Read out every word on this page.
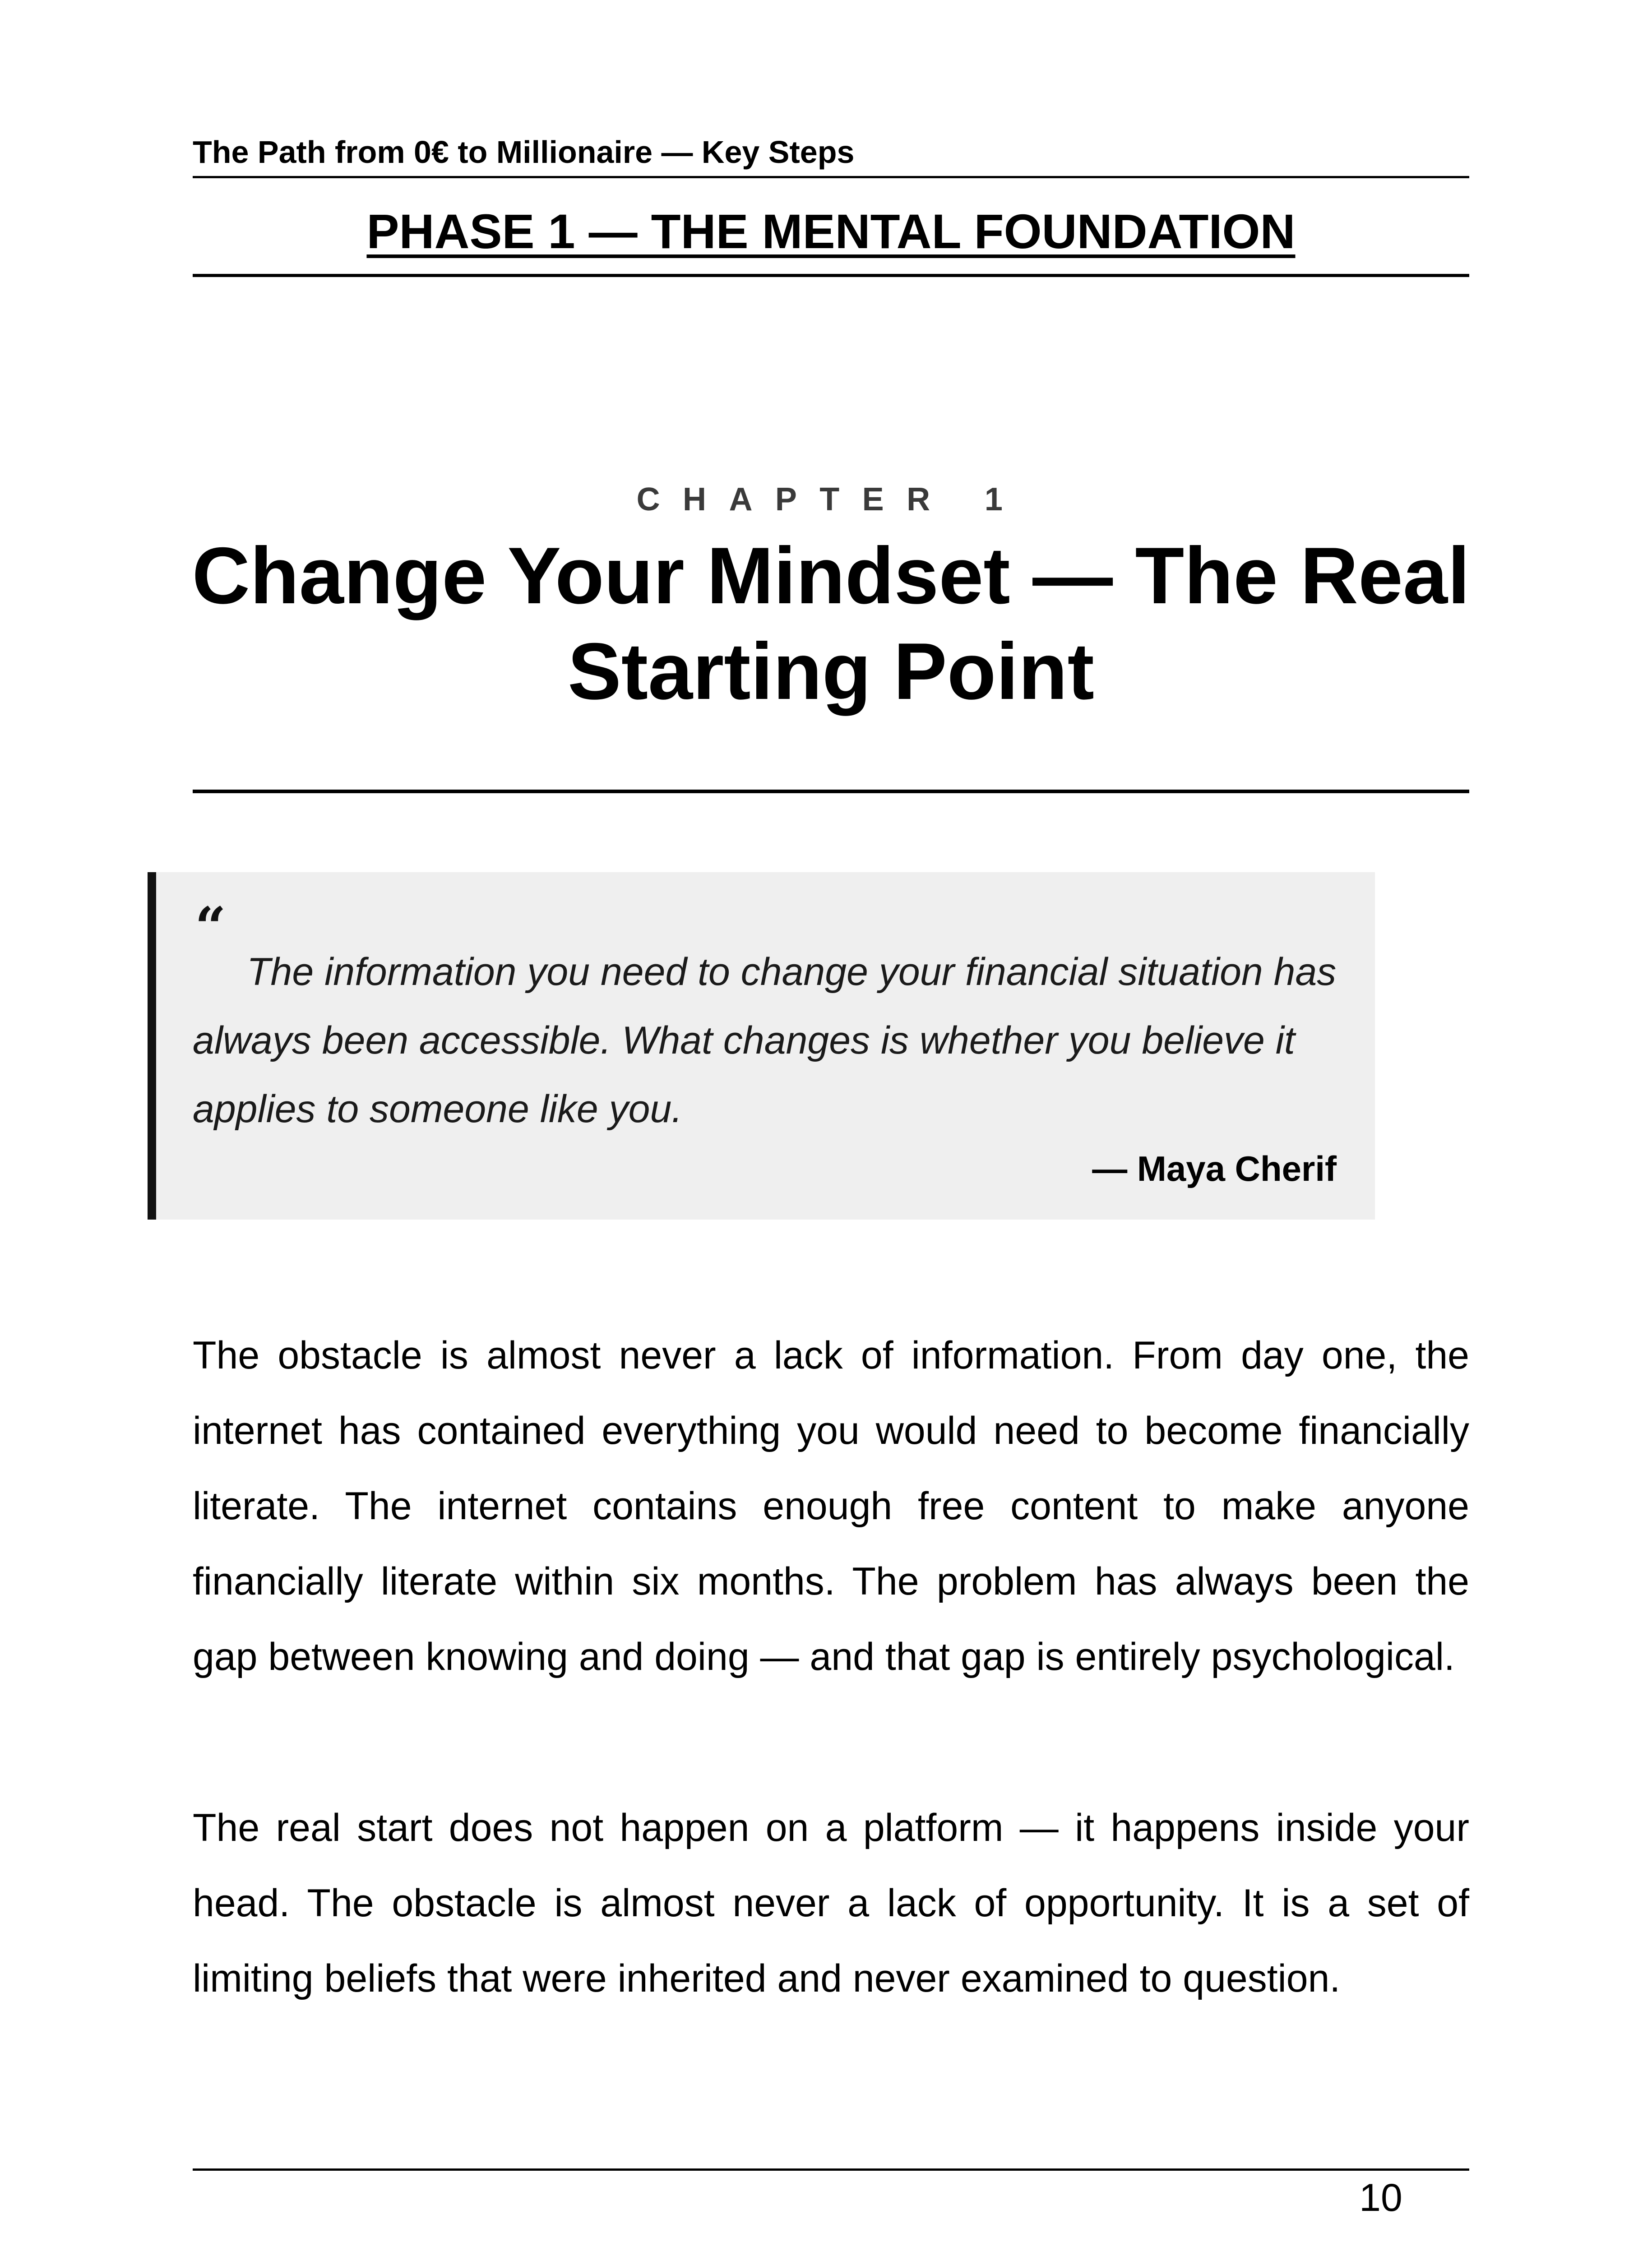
The Path from 0€ to Millionaire — Key Steps
PHASE 1 — THE MENTAL FOUNDATION
CHAPTER 1
Change Your Mindset — The Real Starting Point
“
The information you need to change your financial situation has always been accessible. What changes is whether you believe it applies to someone like you.
— Maya Cherif

The obstacle is almost never a lack of information. From day one, the internet has contained everything you would need to become financially literate. The internet contains enough free content to make anyone financially literate within six months. The problem has always been the gap between knowing and doing — and that gap is entirely psychological.

The real start does not happen on a platform — it happens inside your head. The obstacle is almost never a lack of opportunity. It is a set of limiting beliefs that were inherited and never examined to question.

10
